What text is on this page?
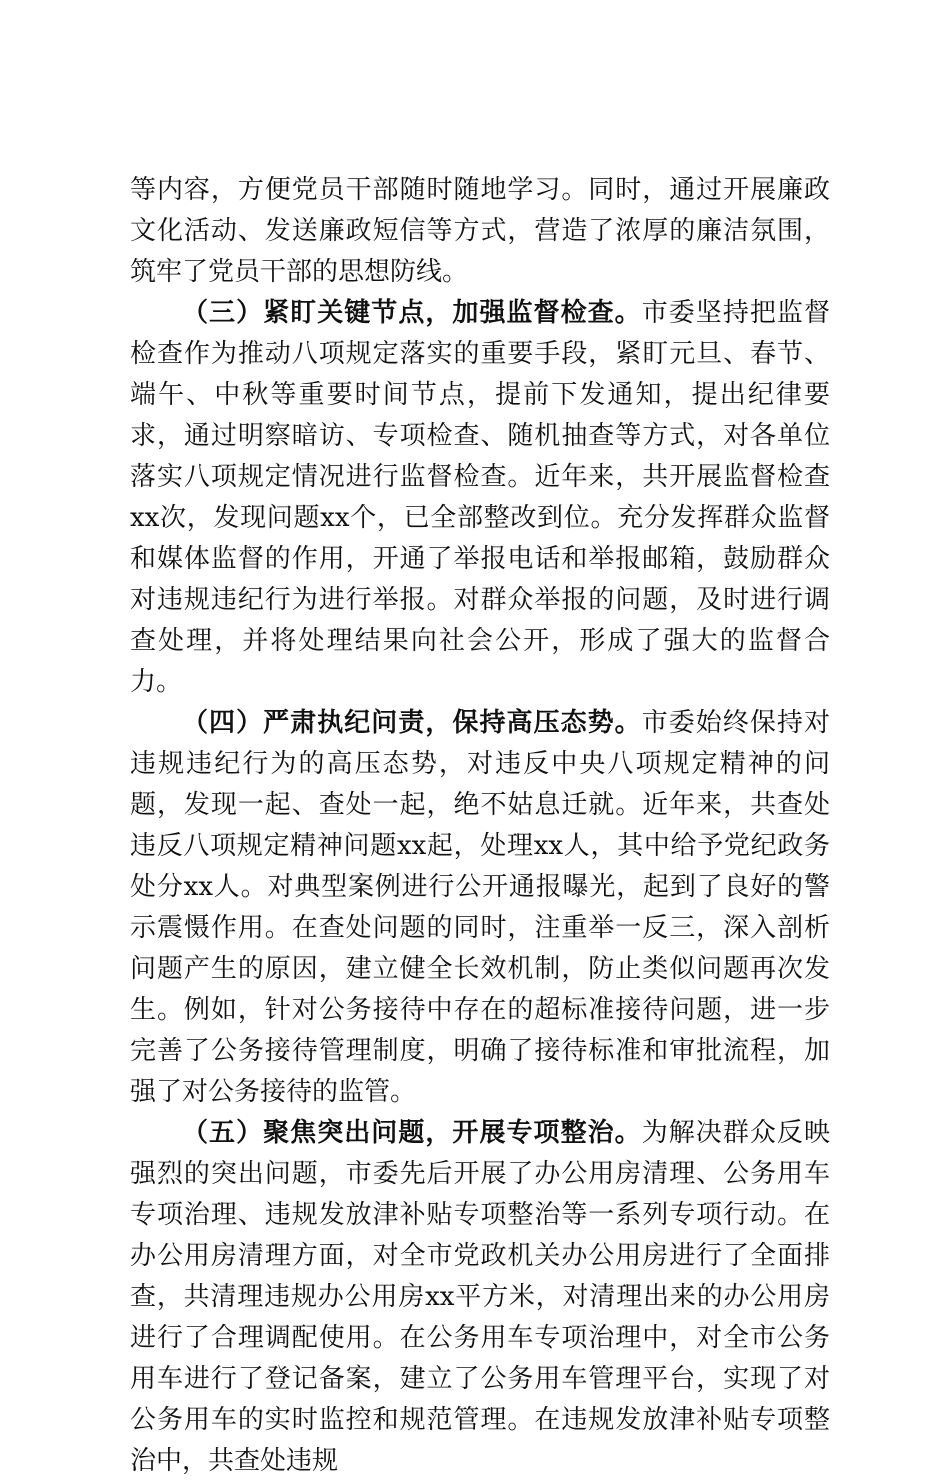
等内容，方便党员干部随时随地学习。同时，通过开展廉政文化活动、发送廉政短信等方式，营造了浓厚的廉洁氛围，筑牢了党员干部的思想防线。

（三）紧盯关键节点，加强监督检查。市委坚持把监督检查作为推动八项规定落实的重要手段，紧盯元旦、春节、端午、中秋等重要时间节点，提前下发通知，提出纪律要求，通过明察暗访、专项检查、随机抽查等方式，对各单位落实八项规定情况进行监督检查。近年来，共开展监督检查xx次，发现问题xx个，已全部整改到位。充分发挥群众监督和媒体监督的作用，开通了举报电话和举报邮箱，鼓励群众对违规违纪行为进行举报。对群众举报的问题，及时进行调查处理，并将处理结果向社会公开，形成了强大的监督合力。

（四）严肃执纪问责，保持高压态势。市委始终保持对违规违纪行为的高压态势，对违反中央八项规定精神的问题，发现一起、查处一起，绝不姑息迁就。近年来，共查处违反八项规定精神问题xx起，处理xx人，其中给予党纪政务处分xx人。对典型案例进行公开通报曝光，起到了良好的警示震慑作用。在查处问题的同时，注重举一反三，深入剖析问题产生的原因，建立健全长效机制，防止类似问题再次发生。例如，针对公务接待中存在的超标准接待问题，进一步完善了公务接待管理制度，明确了接待标准和审批流程，加强了对公务接待的监管。

（五）聚焦突出问题，开展专项整治。为解决群众反映强烈的突出问题，市委先后开展了办公用房清理、公务用车专项治理、违规发放津补贴专项整治等一系列专项行动。在办公用房清理方面，对全市党政机关办公用房进行了全面排查，共清理违规办公用房xx平方米，对清理出来的办公用房进行了合理调配使用。在公务用车专项治理中，对全市公务用车进行了登记备案，建立了公务用车管理平台，实现了对公务用车的实时监控和规范管理。在违规发放津补贴专项整治中，共查处违规
